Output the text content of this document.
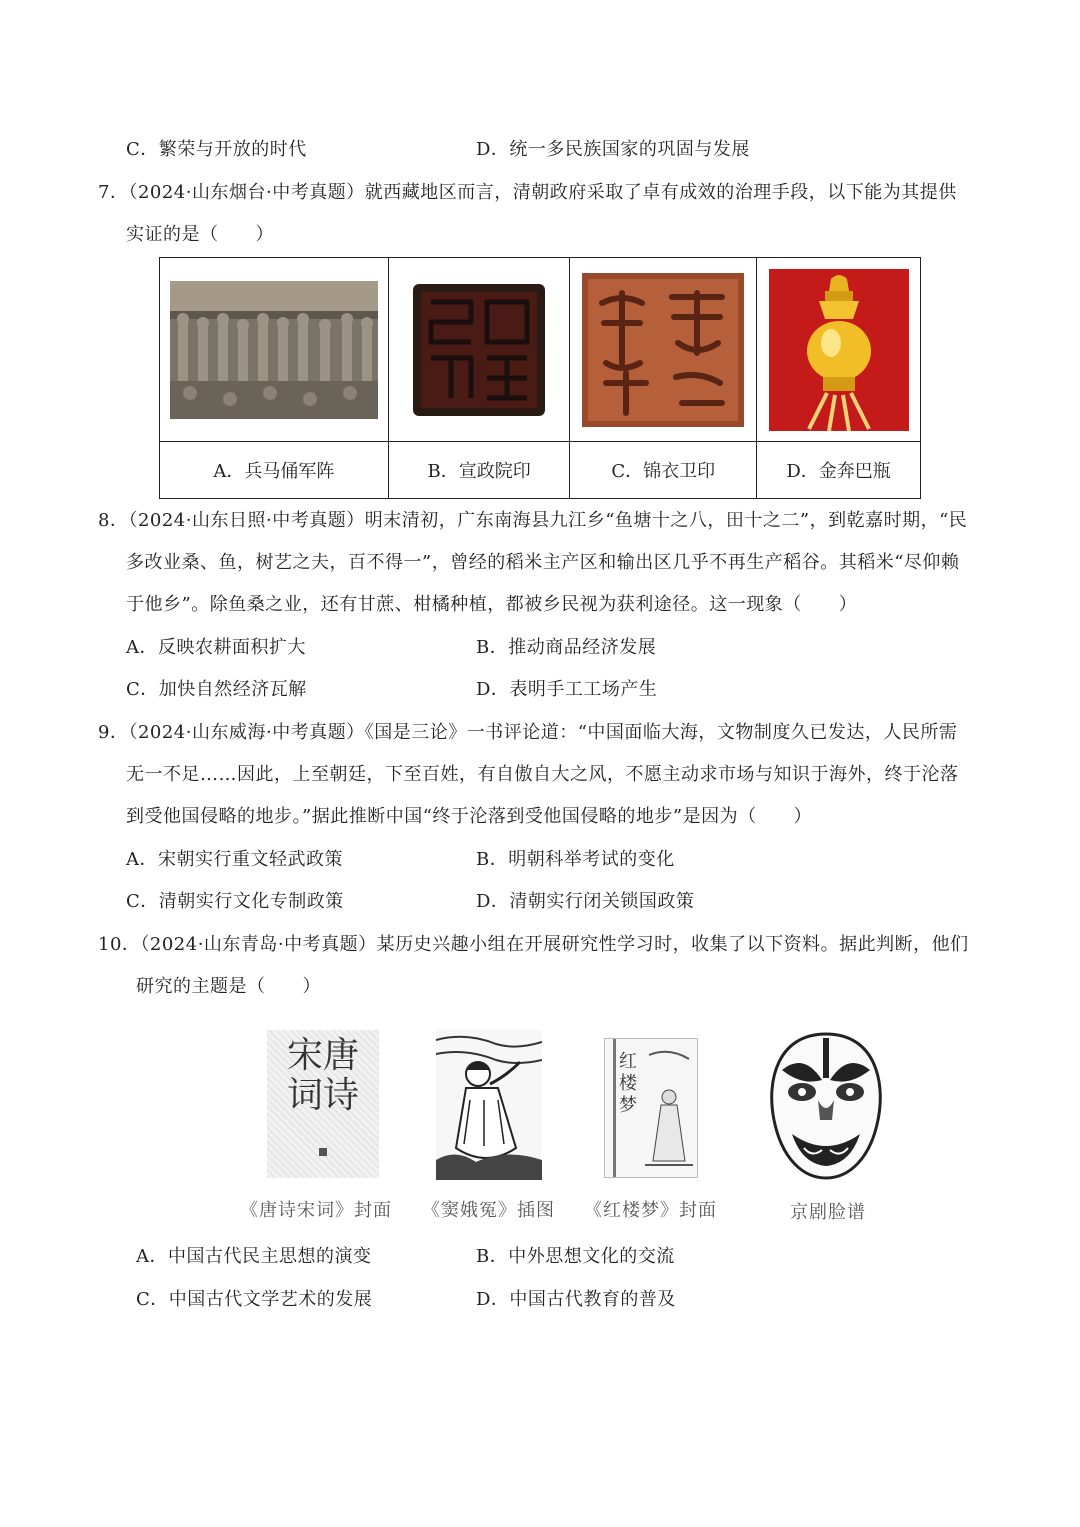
C．繁荣与开放的时代	D．统一多民族国家的巩固与发展
7．（2024·山东烟台·中考真题）就西藏地区而言，清朝政府采取了卓有成效的治理手段，以下能为其提供
实证的是（　　）

A．兵马俑军阵	B．宣政院印	C．锦衣卫印	D．金奔巴瓶
8．（2024·山东日照·中考真题）明末清初，广东南海县九江乡“鱼塘十之八，田十之二”，到乾嘉时期，“民
多改业桑、鱼，树艺之夫，百不得一”，曾经的稻米主产区和输出区几乎不再生产稻谷。其稻米“尽仰赖
于他乡”。除鱼桑之业，还有甘蔗、柑橘种植，都被乡民视为获利途径。这一现象（　　）
A．反映农耕面积扩大	B．推动商品经济发展
C．加快自然经济瓦解	D．表明手工工场产生
9．（2024·山东威海·中考真题）《国是三论》一书评论道：“中国面临大海，文物制度久已发达，人民所需
无一不足……因此，上至朝廷，下至百姓，有自傲自大之风，不愿主动求市场与知识于海外，终于沦落
到受他国侵略的地步。”据此推断中国“终于沦落到受他国侵略的地步”是因为（　　）
A．宋朝实行重文轻武政策	B．明朝科举考试的变化
C．清朝实行文化专制政策	D．清朝实行闭关锁国政策
10．（2024·山东青岛·中考真题）某历史兴趣小组在开展研究性学习时，收集了以下资料。据此判断，他们
研究的主题是（　　）
宋唐词诗
红楼梦
《唐诗宋词》封面 《窦娥冤》插图 《红楼梦》封面	京剧脸谱
A．中国古代民主思想的演变	B．中外思想文化的交流
C．中国古代文学艺术的发展	D．中国古代教育的普及
